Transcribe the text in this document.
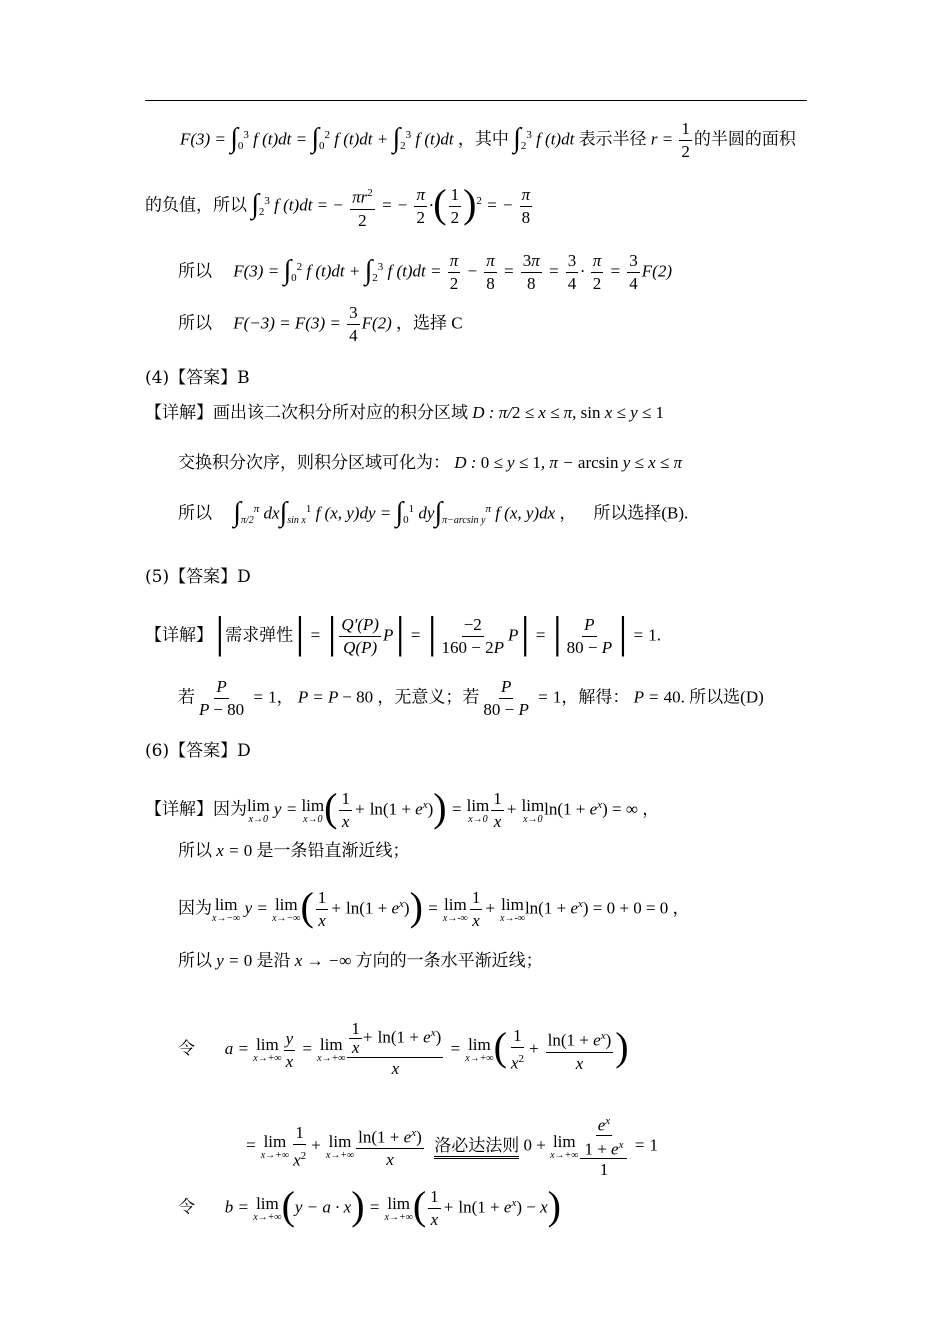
$F(3) = \int_0^3$ f $(t)dt = \int_0^2$ f $(t)dt + \int_2^3$ f (t)dt ，其中 $\int_2^3$ f (t)dt 表示半径 $r = \frac{1}{2}$ 的半圆的面积
的负值，所以 $\int_2^3$ f (t)dt = − $\frac{\pi r^2}{2}$ = − $\frac{\pi}{2}$ ·( $\frac{1}{2} )^2$ = − $\frac{\pi}{8}$
所以     $F(3) = \int_0^2$ f $(t)dt + \int_2^3$ f $(t)dt = \frac{\pi}{2} - \frac{\pi}{8} = \frac{3\pi}{8} = \frac{3}{4} \cdot \frac{\pi}{2} = \frac{3}{4} F(2)$
所以     $F(-3) = F(3) = \frac{3}{4} F(2)$ ，选择 C
(4)【答案】B
【详解】画出该二次积分所对应的积分区域 D : π/2 ≤ x ≤ π, sin x ≤ y ≤ 1
交换积分次序，则积分区域可化为： D : 0 ≤ y ≤ 1, π − arcsin y ≤ x ≤ π
所以 $\int_{\pi/2}^\pi$ $dx\int_{sin x}^1$ f (x, $y)dy = \int_0^1$ $dy\int_{\pi-arcsin y}^\pi$ f (x, y)dx ，    所以选择(B).
(5)【答案】D
【详解】|需求弹性| = | $\frac{Q'(P)}{Q(P)} P|$ = | $\frac{-2}{160 - 2P} P|$ = | $\frac{P}{80 - P}$ | = 1.
若 $\frac{P}{P - 80} = 1$， P = P − 80 ，无意义；若 $\frac{P}{80 - P} = 1$，解得： P = 40. 所以选(D)
(6)【答案】D
【详解】因为lim
x→0
y = lim
x→0 ( $\frac{1}{x} + \ln(1 + e^x)) = \lim$
$x\to 0 \frac{1}{x} + \lim$
x→0
$\ln(1 + e^x)$ = ∞ ，
所以 x = 0 是一条铅直渐近线；
因为 lim
x→−∞
y = lim
x→−∞ ( $\frac{1}{x} + \ln(1 + e^x)) = \lim$
$x\to-\infty \frac{1}{x} + \lim$
x→-∞
$\ln(1 + e^x) = 0 + 0 = 0$ ，
所以 y = 0 是沿 x → −∞ 方向的一条水平渐近线；
令       a = lim
$x\to+\infty \frac{y}{x} = \lim$
$x\to+\infty \frac{\frac{1}{x} + \ln(1 + e^x)}{x} = \lim$
x→+∞ ( $\frac{1}{x^2} + \frac{\ln(1 + e^x)}{x}$ )
= lim
$x\to+\infty \frac{1}{x^2} + \lim$
$x\to+\infty \frac{\ln(1 + e^x)}{x}$ 洛必达法则 0 + lim
$x\to+\infty \frac{\frac{e^x}{1 + e^x}}{1} = 1$
令       b = lim
x→+∞ (y − a · x) = lim
x→+∞ ( $\frac{1}{x} + \ln(1 + e^x) - x$)
